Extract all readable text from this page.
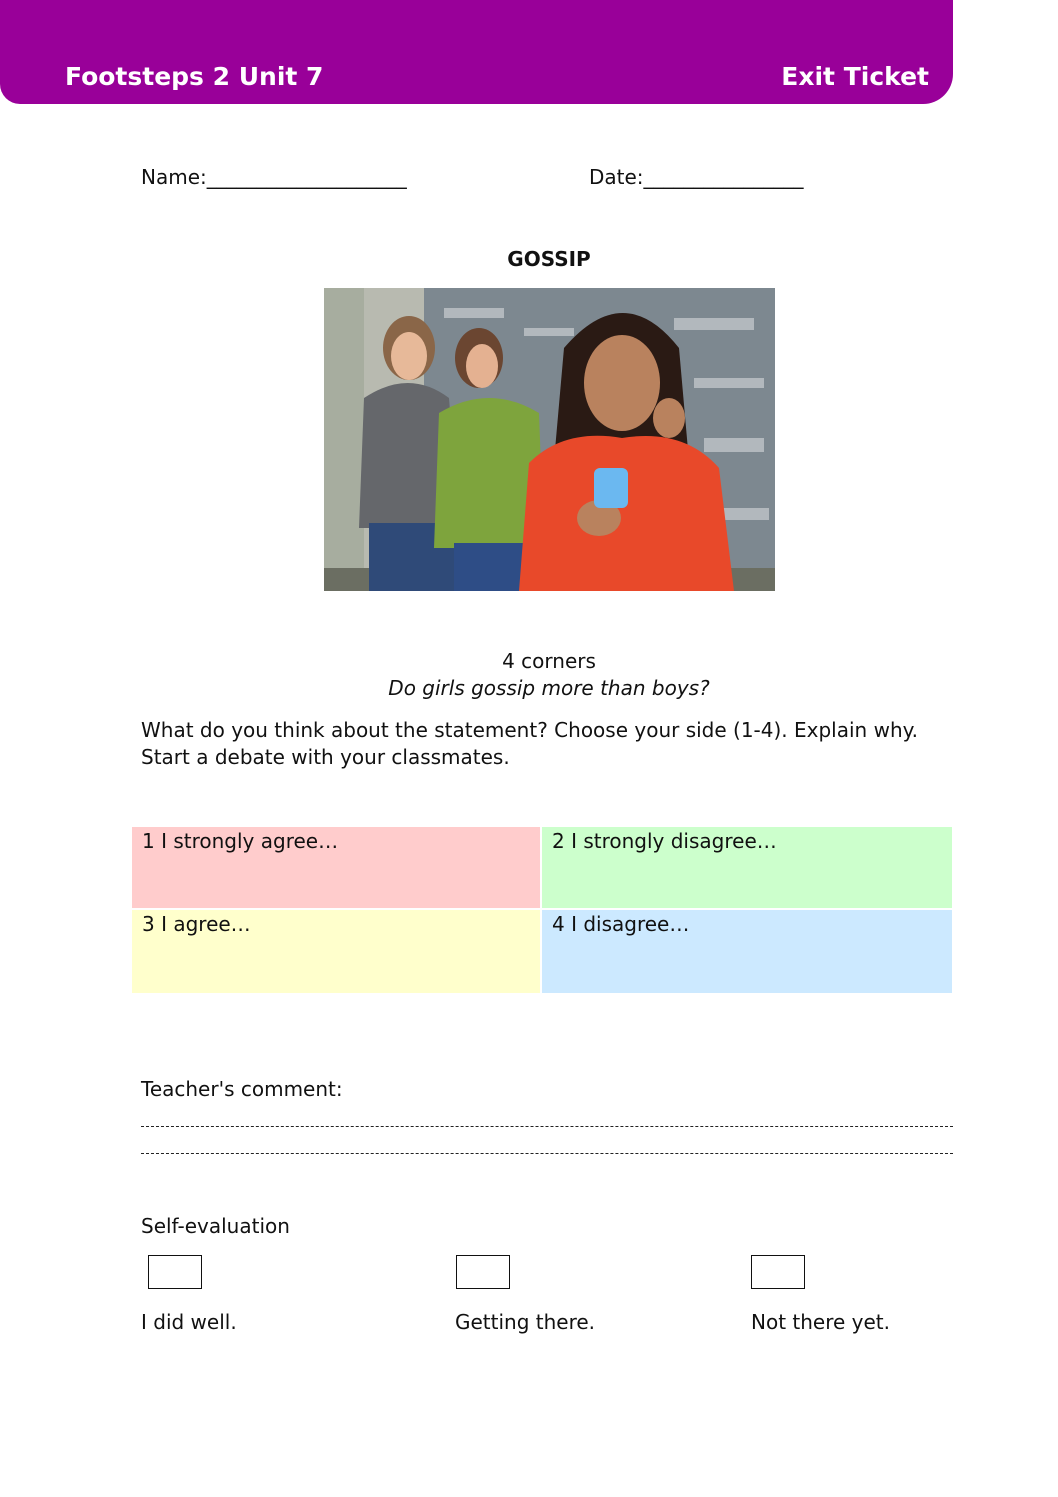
Footsteps 2 Unit 7	Exit Ticket
Name:____________________	Date:________________
GOSSIP
4 corners
Do girls gossip more than boys?
What do you think about the statement? Choose your side (1-4). Explain why. Start a debate with your classmates.
1 I strongly agree…	2 I strongly disagree…
3 I agree…	4 I disagree…
Teacher's comment:
Self-evaluation
I did well.	Getting there.	Not there yet.
